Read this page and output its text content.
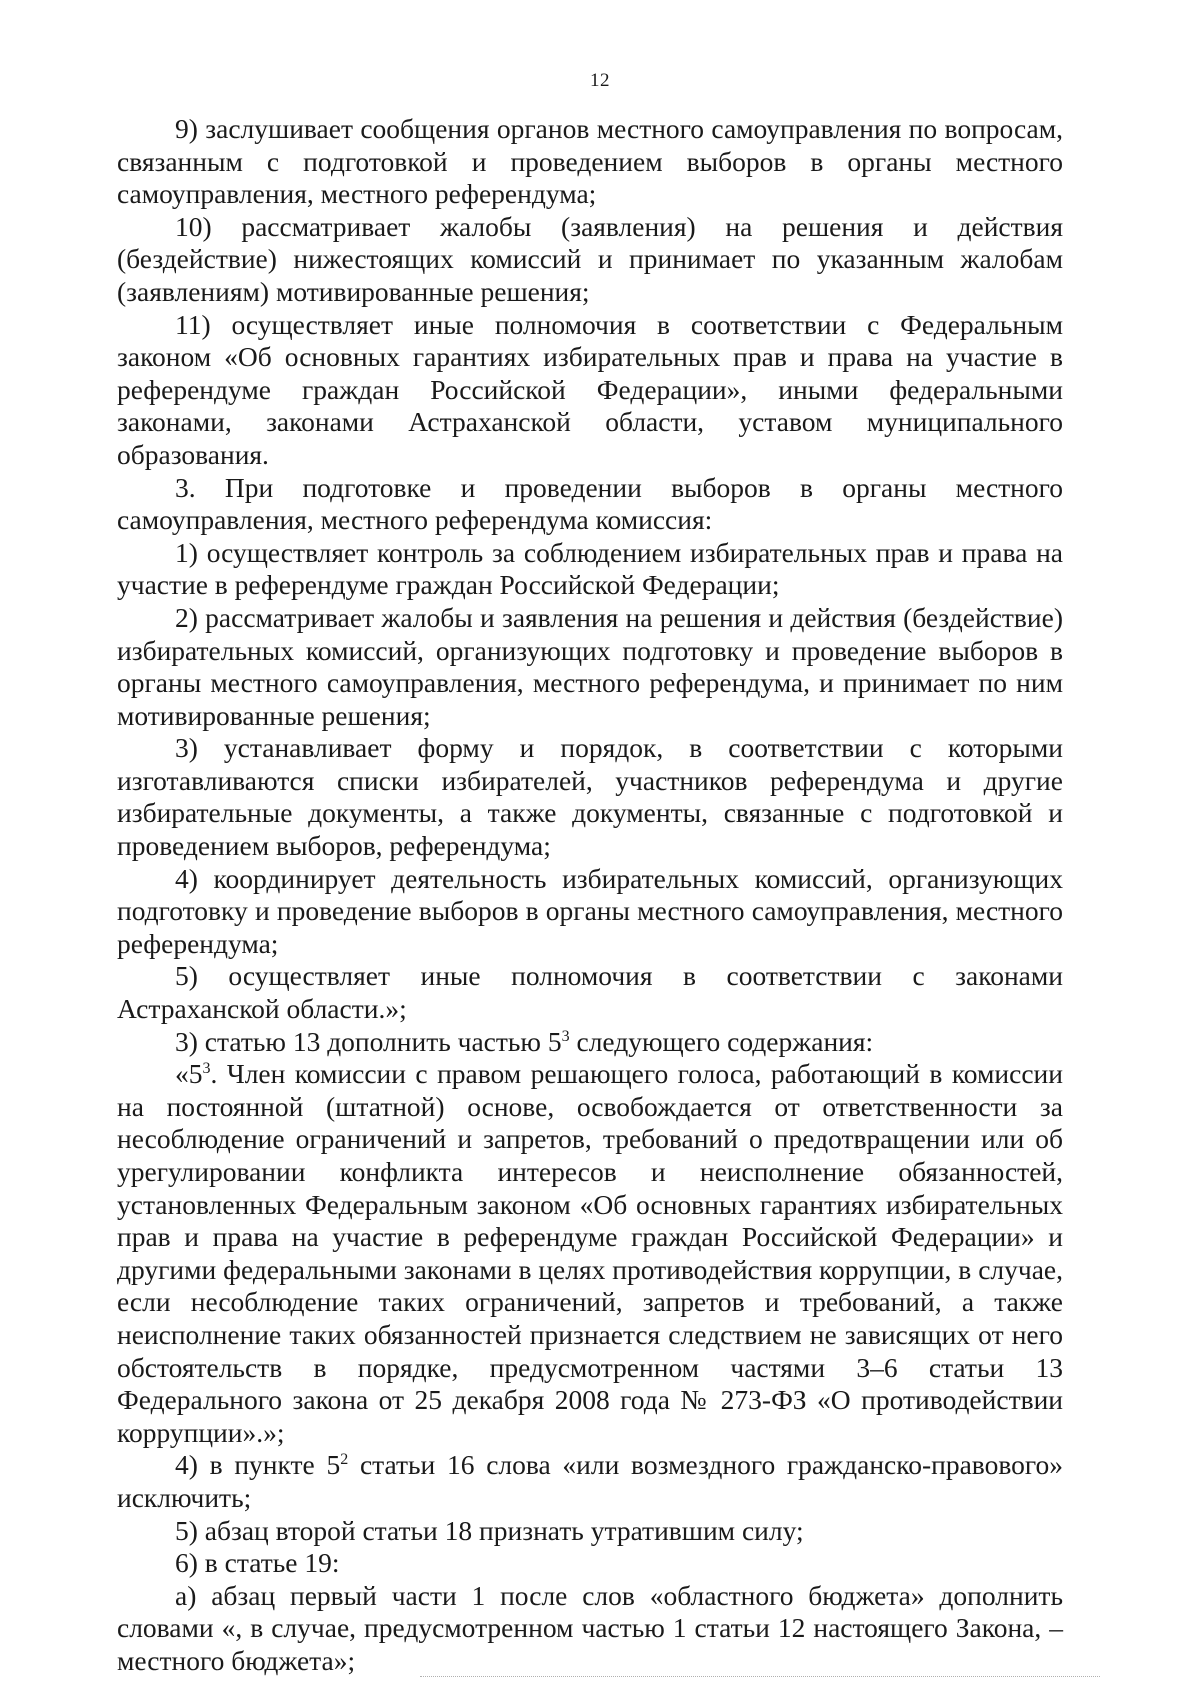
12

9) заслушивает сообщения органов местного самоуправления по вопросам, связанным с подготовкой и проведением выборов в органы местного самоуправления, местного референдума;

10) рассматривает жалобы (заявления) на решения и действия (бездействие) нижестоящих комиссий и принимает по указанным жалобам (заявлениям) мотивированные решения;

11) осуществляет иные полномочия в соответствии с Федеральным законом «Об основных гарантиях избирательных прав и права на участие в референдуме граждан Российской Федерации», иными федеральными законами, законами Астраханской области, уставом муниципального образования.

3. При подготовке и проведении выборов в органы местного самоуправления, местного референдума комиссия:

1) осуществляет контроль за соблюдением избирательных прав и права на участие в референдуме граждан Российской Федерации;

2) рассматривает жалобы и заявления на решения и действия (бездействие) избирательных комиссий, организующих подготовку и проведение выборов в органы местного самоуправления, местного референдума, и принимает по ним мотивированные решения;

3) устанавливает форму и порядок, в соответствии с которыми изготавливаются списки избирателей, участников референдума и другие избирательные документы, а также документы, связанные с подготовкой и проведением выборов, референдума;

4) координирует деятельность избирательных комиссий, организующих подготовку и проведение выборов в органы местного самоуправления, местного референдума;

5) осуществляет иные полномочия в соответствии с законами Астраханской области.»;

3) статью 13 дополнить частью $5^3$ следующего содержания:

«$5^3$. Член комиссии с правом решающего голоса, работающий в комиссии на постоянной (штатной) основе, освобождается от ответственности за несоблюдение ограничений и запретов, требований о предотвращении или об урегулировании конфликта интересов и неисполнение обязанностей, установленных Федеральным законом «Об основных гарантиях избирательных прав и права на участие в референдуме граждан Российской Федерации» и другими федеральными законами в целях противодействия коррупции, в случае, если несоблюдение таких ограничений, запретов и требований, а также неисполнение таких обязанностей признается следствием не зависящих от него обстоятельств в порядке, предусмотренном частями 3–6 статьи 13 Федерального закона от 25 декабря 2008 года № 273-ФЗ «О противодействии коррупции».»;

4) в пункте $5^2$ статьи 16 слова «или возмездного гражданско-правового» исключить;

5) абзац второй статьи 18 признать утратившим силу;

6) в статье 19:

а) абзац первый части 1 после слов «областного бюджета» дополнить словами «, в случае, предусмотренном частью 1 статьи 12 настоящего Закона, – местного бюджета»;
